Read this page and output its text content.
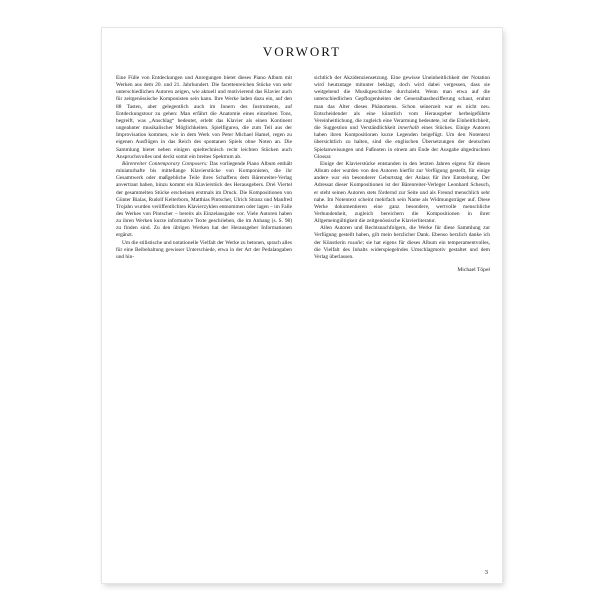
VORWORT

Eine Fülle von Entdeckungen und Anregungen bietet dieses Piano Album mit Werken aus dem 20. und 21. Jahrhundert. Die facettenreichen Stücke von sehr unterschiedlichen Autoren zeigen, wie aktuell und motivierend das Klavier auch für zeitgenössische Komponisten sein kann. Ihre Werke laden dazu ein, auf den 88 Tasten, aber gelegentlich auch im Innern des Instruments, auf Entdeckungstour zu gehen: Man erfährt die Anatomie eines einzelnen Tons, begreift, was „Anschlag“ bedeutet, erlebt das Klavier als einen Kontinent ungeahnter musikalischer Möglichkeiten. Spielfiguren, die zum Teil aus der Improvisation kommen, wie in dem Werk von Peter Michael Hamel, regen zu eigenen Ausflügen in das Reich des spontanen Spiels ohne Noten an. Die Sammlung bietet neben einigen spieltechnisch recht leichten Stücken auch Anspruchsvolles und deckt somit ein breites Spektrum ab.

Bärenreiter Contemporary Composers: Das vorliegende Piano Album enthält miniaturhafte bis mittellange Klavierstücke von Komponisten, die ihr Gesamtwerk oder maßgebliche Teile ihres Schaffens dem Bärenreiter-Verlag anvertraut haben, hinzu kommt ein Klavierstück des Herausgebers. Drei Viertel der gesammelten Stücke erscheinen erstmals im Druck. Die Kompositionen von Günter Bialas, Rudolf Kelterborn, Matthias Pintscher, Ulrich Stranz und Manfred Trojahn wurden veröffentlichten Klavierzyklen entnommen oder lagen – im Falle des Werkes von Pintscher – bereits als Einzelausgabe vor. Viele Autoren haben zu ihren Werken kurze informative Texte geschrieben, die im Anhang (s. S. 98) zu finden sind. Zu den übrigen Werken hat der Herausgeber Informationen ergänzt.

Um die stilistische und notationelle Vielfalt der Werke zu betonen, sprach alles für eine Beibehaltung gewisser Unterschiede, etwa in der Art der Pedalangaben und hin-

sichtlich der Akzidenziensetzung. Eine gewisse Uneinheitlichkeit der Notation wird heutzutage mitunter beklagt, doch wird dabei vergessen, dass sie weitgehend die Musikgeschichte durchzieht. Wenn man etwa auf die unterschiedlichen Gepflogenheiten der Generalbassbezifferung schaut, erahnt man das Alter dieses Phänomens. Schon seinerzeit war es nicht neu. Entscheidender als eine künstlich vom Herausgeber herbeigeführte Vereinheitlichung, die zugleich eine Verarmung bedeutete, ist die Einheitlichkeit, die Suggestion und Verständlichkeit innerhalb eines Stückes. Einige Autoren haben ihren Kompositionen kurze Legenden beigefügt. Um den Notentext übersichtlich zu halten, sind die englischen Übersetzungen der deutschen Spielanweisungen und Fußnoten in einem am Ende der Ausgabe abgedruckten Glossar.

Einige der Klavierstücke entstanden in den letzten Jahren eigens für dieses Album oder wurden von den Autoren hierfür zur Verfügung gestellt, für einige andere war ein besonderer Geburtstag der Anlass für ihre Entstehung. Der Adressat dieser Kompositionen ist der Bärenreiter-Verleger Leonhard Scheuch, er steht seinen Autoren stets fördernd zur Seite und als Freund menschlich sehr nahe. Im Notentext scheint mehrfach sein Name als Widmungsträger auf. Diese Werke dokumentieren eine ganz besondere, wertvolle menschliche Verbundenheit, zugleich bereichern die Kompositionen in ihrer Allgemeingültigkeit die zeitgenössische Klavierliteratur.

Allen Autoren und Rechtsnachfolgern, die Werke für diese Sammlung zur Verfügung gestellt haben, gilt mein herzlicher Dank. Ebenso herzlich danke ich der Künstlerin rosalie; sie hat eigens für dieses Album ein temperamentvolles, die Vielfalt des Inhalts widerspiegelndes Umschlagmotiv gestaltet und dem Verlag überlassen.

Michael Töpel
3
